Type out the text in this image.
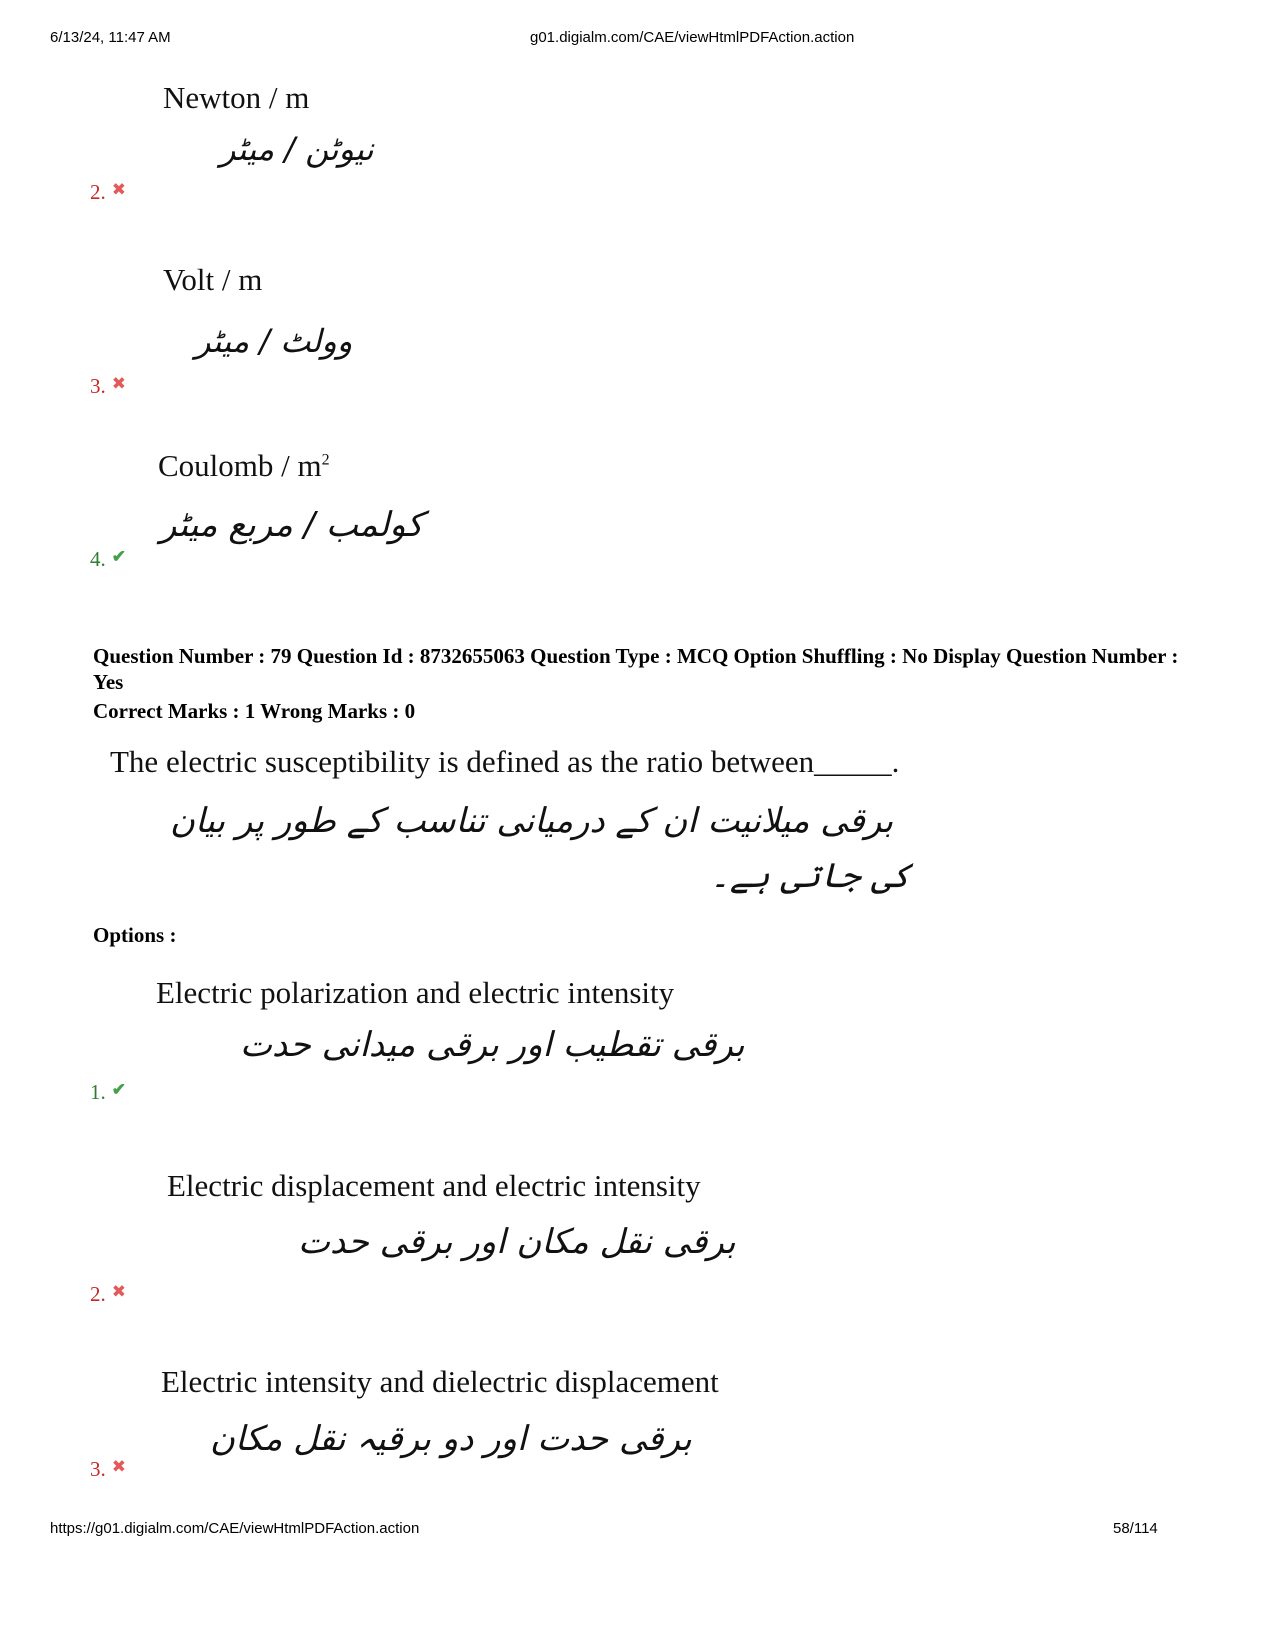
6/13/24, 11:47 AM	g01.digialm.com/CAE/viewHtmlPDFAction.action
Newton / m
نیوٹن / میٹر
2. ✖
Volt / m
وولٹ / میٹر
3. ✖
Coulomb / $m^2$
کولمب / مربع میٹر
4. ✔
Question Number : 79 Question Id : 8732655063 Question Type : MCQ Option Shuffling : No Display Question Number : Yes
Correct Marks : 1 Wrong Marks : 0
The electric susceptibility is defined as the ratio between_____.
برقی میلانیت ان کے درمیانی تناسب کے طور پر بیان
کی جاتی ہے۔
Options :
Electric polarization and electric intensity
برقی تقطیب اور برقی میدانی حدت
1. ✔
Electric displacement and electric intensity
برقی نقل مکان اور برقی حدت
2. ✖
Electric intensity and dielectric displacement
برقی حدت اور دو برقیہ نقل مکان
3. ✖
https://g01.digialm.com/CAE/viewHtmlPDFAction.action	58/114
